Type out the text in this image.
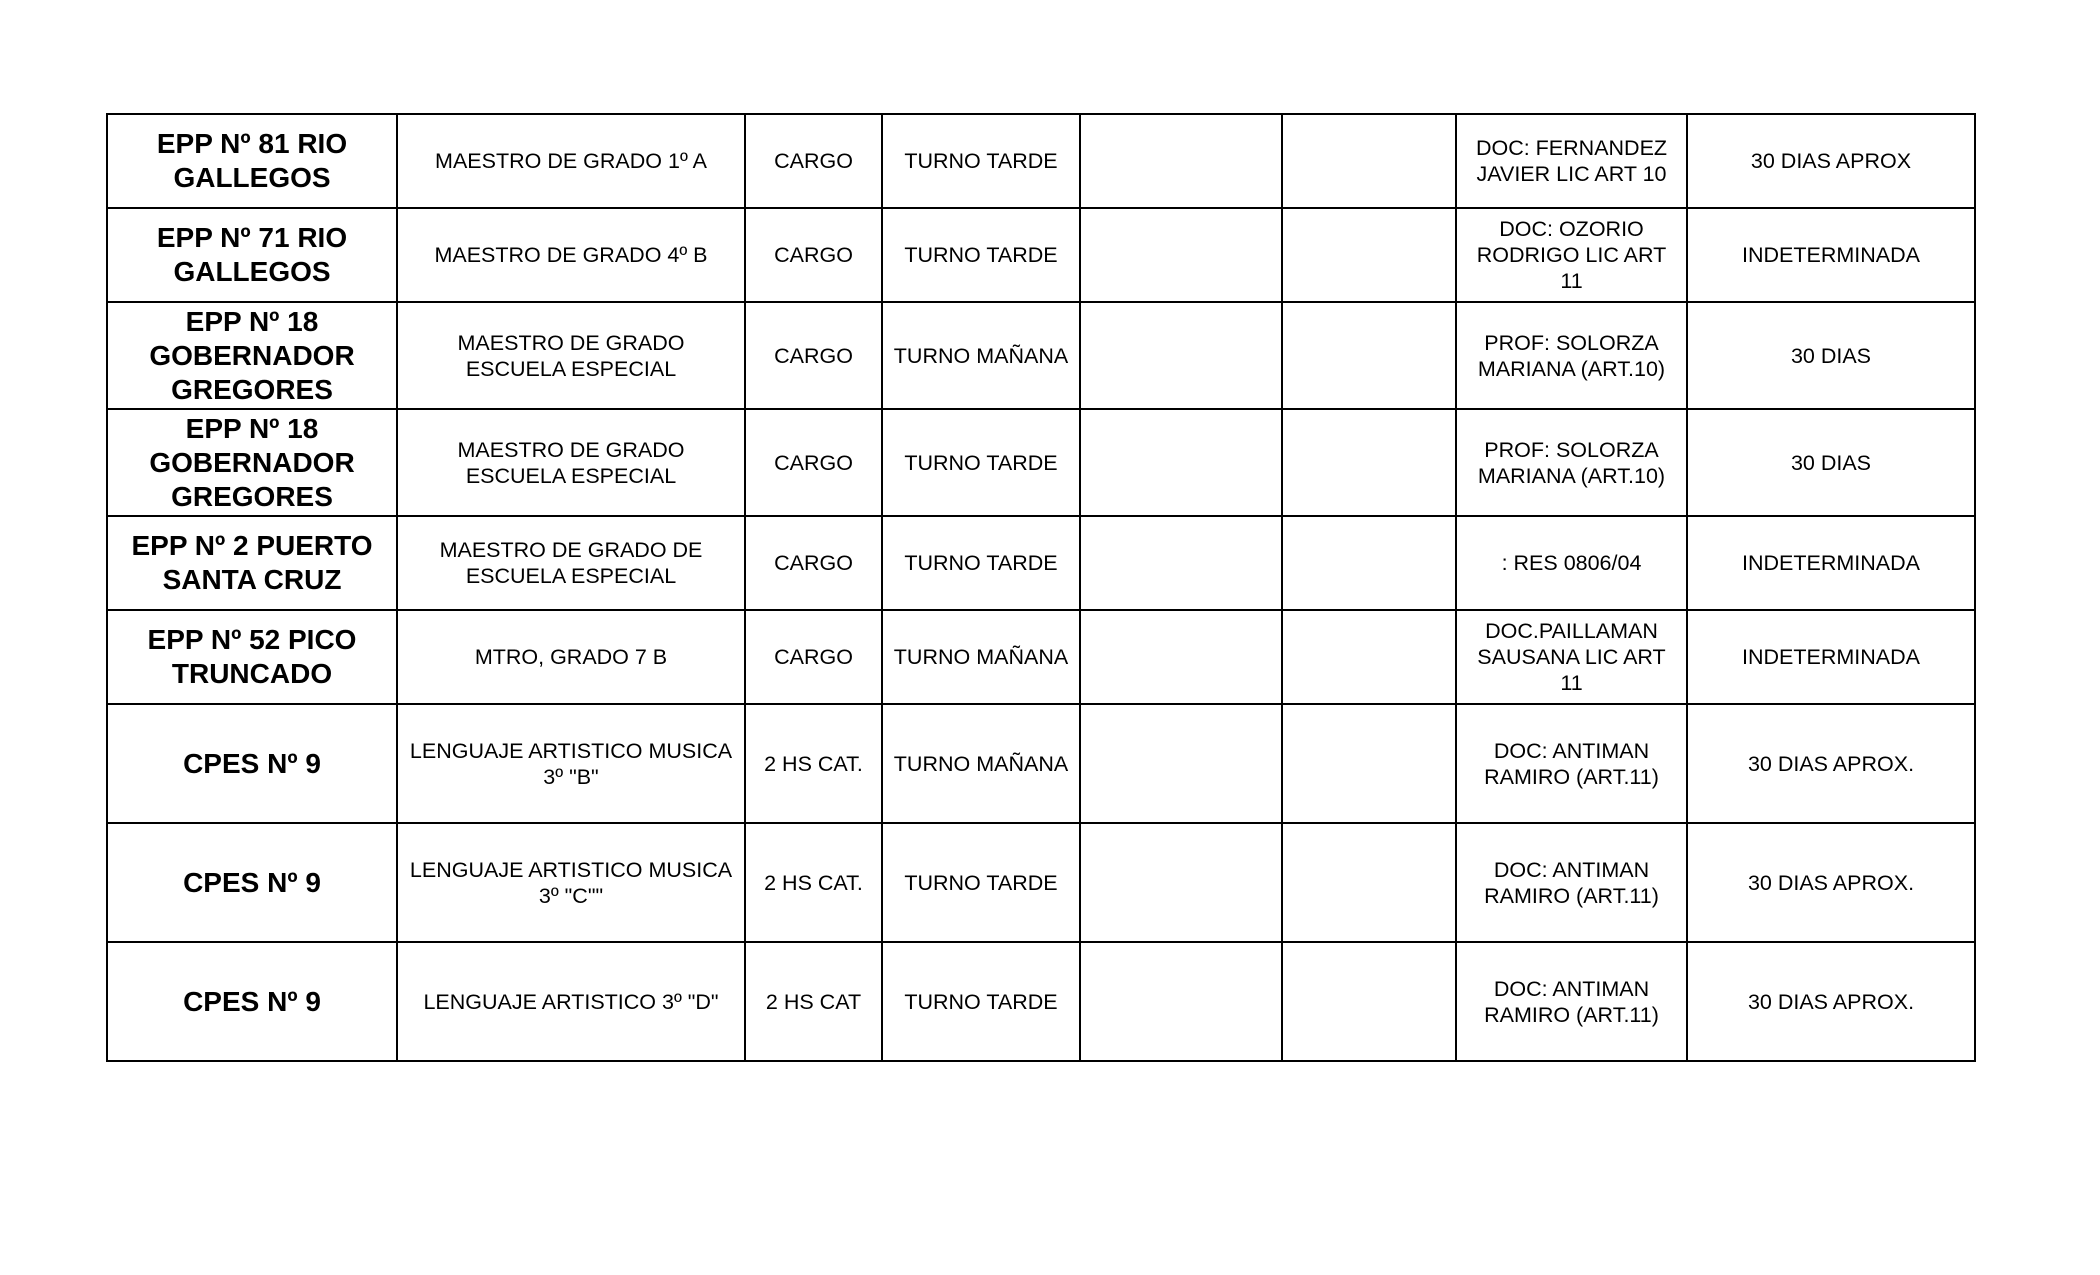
EPP Nº 81 RIO GALLEGOS	MAESTRO DE GRADO 1º A	CARGO	TURNO TARDE			DOC: FERNANDEZ JAVIER LIC ART 10	30 DIAS APROX
EPP Nº 71 RIO GALLEGOS	MAESTRO DE GRADO 4º B	CARGO	TURNO TARDE			DOC: OZORIO RODRIGO LIC ART 11	INDETERMINADA
EPP Nº 18 GOBERNADOR GREGORES	MAESTRO DE GRADO ESCUELA ESPECIAL	CARGO	TURNO MAÑANA			PROF: SOLORZA MARIANA (ART.10)	30 DIAS
EPP Nº 18 GOBERNADOR GREGORES	MAESTRO DE GRADO ESCUELA ESPECIAL	CARGO	TURNO TARDE			PROF: SOLORZA MARIANA (ART.10)	30 DIAS
EPP Nº 2 PUERTO SANTA CRUZ	MAESTRO DE GRADO DE ESCUELA ESPECIAL	CARGO	TURNO TARDE			: RES 0806/04	INDETERMINADA
EPP Nº 52 PICO TRUNCADO	MTRO, GRADO 7 B	CARGO	TURNO MAÑANA			DOC.PAILLAMAN SAUSANA LIC ART 11	INDETERMINADA
CPES Nº 9	LENGUAJE ARTISTICO MUSICA 3º "B"	2 HS CAT.	TURNO MAÑANA			DOC: ANTIMAN RAMIRO (ART.11)	30 DIAS APROX.
CPES Nº 9	LENGUAJE ARTISTICO MUSICA 3º "C""	2 HS CAT.	TURNO TARDE			DOC: ANTIMAN RAMIRO (ART.11)	30 DIAS APROX.
CPES Nº 9	LENGUAJE ARTISTICO 3º "D"	2 HS CAT	TURNO TARDE			DOC: ANTIMAN RAMIRO (ART.11)	30 DIAS APROX.
